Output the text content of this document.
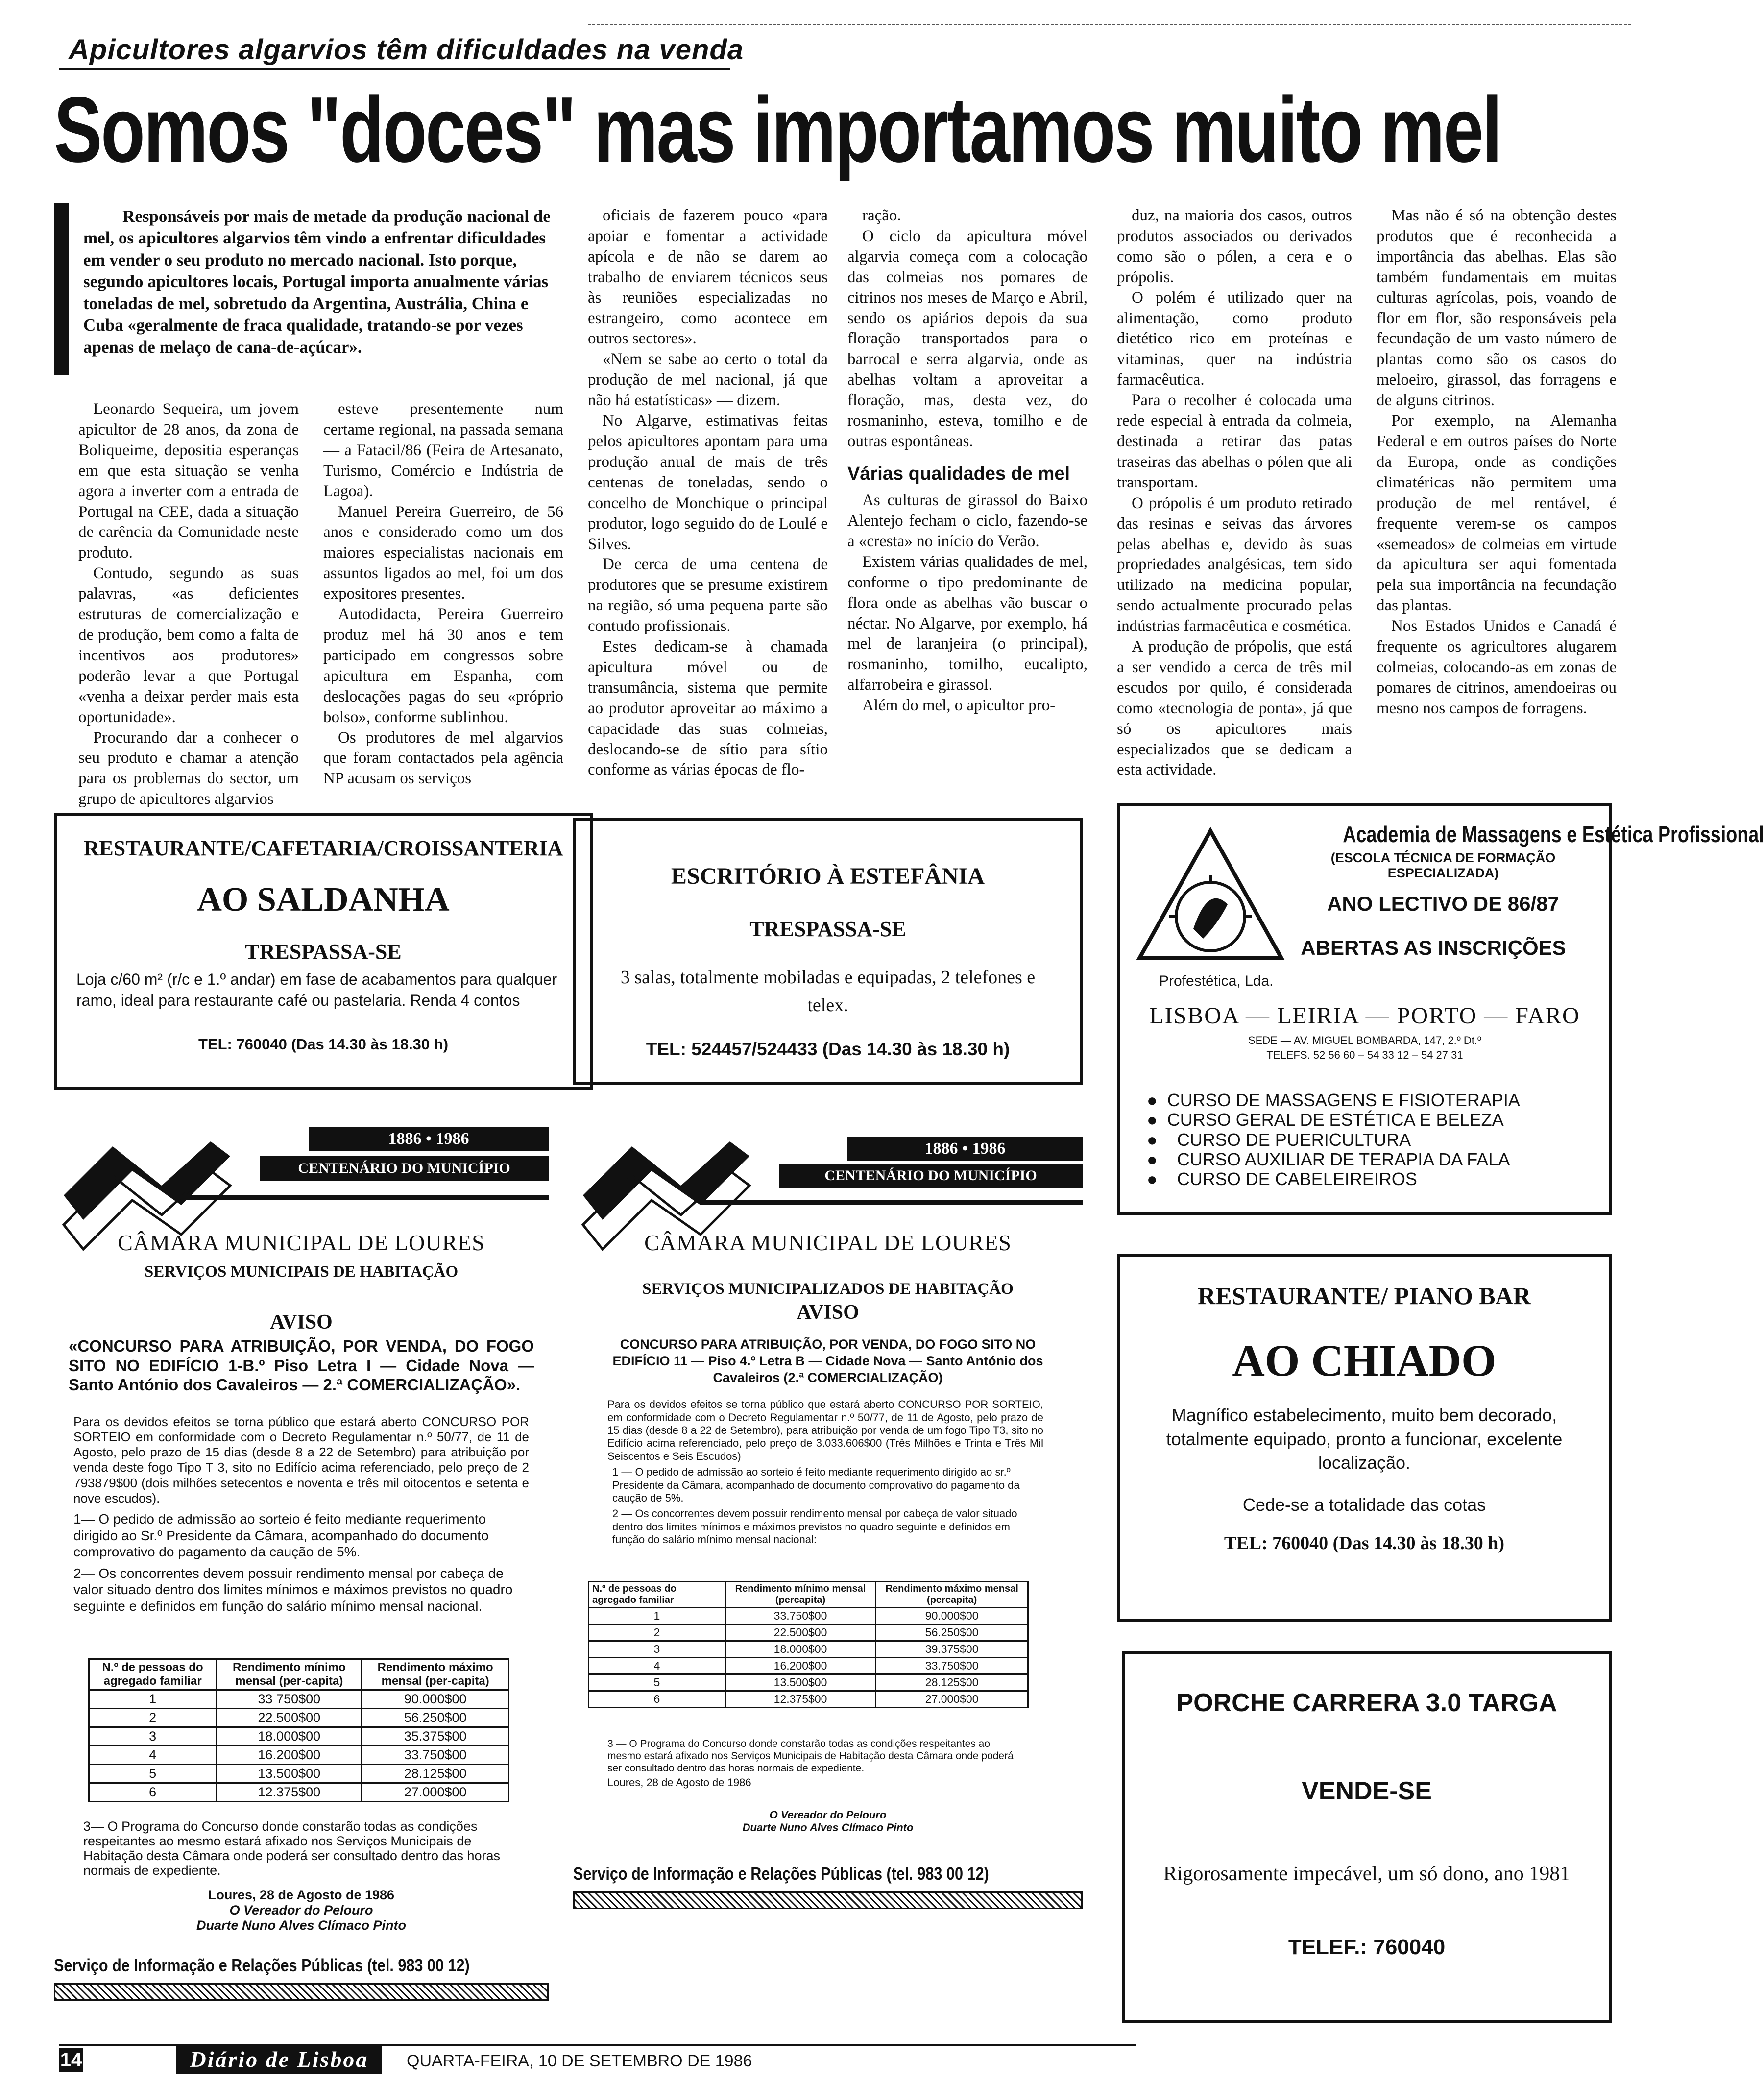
Apicultores algarvios têm dificuldades na venda
Somos "doces" mas importamos muito mel
Responsáveis por mais de metade da produção nacional de mel, os apicultores algarvios têm vindo a enfrentar dificuldades em vender o seu produto no mercado nacional. Isto porque, segundo apicultores locais, Portugal importa anualmente várias toneladas de mel, sobretudo da Argentina, Austrália, China e Cuba «geralmente de fraca qualidade, tratando-se por vezes apenas de melaço de cana-de-açúcar».

Leonardo Sequeira, um jovem apicultor de 28 anos, da zona de Boliqueime, depositia esperanças em que esta situação se venha agora a inverter com a entrada de Portugal na CEE, dada a situação de carência da Comunidade neste produto.

Contudo, segundo as suas palavras, «as deficientes estruturas de comercialização e de produção, bem como a falta de incentivos aos produtores» poderão levar a que Portugal «venha a deixar perder mais esta oportunidade».

Procurando dar a conhecer o seu produto e chamar a atenção para os problemas do sector, um grupo de apicultores algarvios

esteve presentemente num certame regional, na passada semana — a Fatacil/86 (Feira de Artesanato, Turismo, Comércio e Indústria de Lagoa).

Manuel Pereira Guerreiro, de 56 anos e considerado como um dos maiores especialistas nacionais em assuntos ligados ao mel, foi um dos expositores presentes.

Autodidacta, Pereira Guerreiro produz mel há 30 anos e tem participado em congressos sobre apicultura em Espanha, com deslocações pagas do seu «próprio bolso», conforme sublinhou.

Os produtores de mel algarvios que foram contactados pela agência NP acusam os serviços

oficiais de fazerem pouco «para apoiar e fomentar a actividade apícola e de não se darem ao trabalho de enviarem técnicos seus às reuniões especializadas no estrangeiro, como acontece em outros sectores».

«Nem se sabe ao certo o total da produção de mel nacional, já que não há estatísticas» — dizem.

No Algarve, estimativas feitas pelos apicultores apontam para uma produção anual de mais de três centenas de toneladas, sendo o concelho de Monchique o principal produtor, logo seguido do de Loulé e Silves.

De cerca de uma centena de produtores que se presume existirem na região, só uma pequena parte são contudo profissionais.

Estes dedicam-se à chamada apicultura móvel ou de transumância, sistema que permite ao produtor aproveitar ao máximo a capacidade das suas colmeias, deslocando-se de sítio para sítio conforme as várias épocas de flo-

ração.

O ciclo da apicultura móvel algarvia começa com a colocação das colmeias nos pomares de citrinos nos meses de Março e Abril, sendo os apiários depois da sua floração transportados para o barrocal e serra algarvia, onde as abelhas voltam a aproveitar a floração, mas, desta vez, do rosmaninho, esteva, tomilho e de outras espontâneas.

Várias qualidades de mel

As culturas de girassol do Baixo Alentejo fecham o ciclo, fazendo-se a «cresta» no início do Verão.

Existem várias qualidades de mel, conforme o tipo predominante de flora onde as abelhas vão buscar o néctar. No Algarve, por exemplo, há mel de laranjeira (o principal), rosmaninho, tomilho, eucalipto, alfarrobeira e girassol.

Além do mel, o apicultor pro-

duz, na maioria dos casos, outros produtos associados ou derivados como são o pólen, a cera e o própolis.

O polém é utilizado quer na alimentação, como produto dietético rico em proteínas e vitaminas, quer na indústria farmacêutica.

Para o recolher é colocada uma rede especial à entrada da colmeia, destinada a retirar das patas traseiras das abelhas o pólen que ali transportam.

O própolis é um produto retirado das resinas e seivas das árvores pelas abelhas e, devido às suas propriedades analgésicas, tem sido utilizado na medicina popular, sendo actualmente procurado pelas indústrias farmacêutica e cosmética.

A produção de própolis, que está a ser vendido a cerca de três mil escudos por quilo, é considerada como «tecnologia de ponta», já que só os apicultores mais especializados que se dedicam a esta actividade.

Mas não é só na obtenção destes produtos que é reconhecida a importância das abelhas. Elas são também fundamentais em muitas culturas agrícolas, pois, voando de flor em flor, são responsáveis pela fecundação de um vasto número de plantas como são os casos do meloeiro, girassol, das forragens e de alguns citrinos.

Por exemplo, na Alemanha Federal e em outros países do Norte da Europa, onde as condições climatéricas não permitem uma produção de mel rentável, é frequente verem-se os campos «semeados» de colmeias em virtude da apicultura ser aqui fomentada pela sua importância na fecundação das plantas.

Nos Estados Unidos e Canadá é frequente os agricultores alugarem colmeias, colocando-as em zonas de pomares de citrinos, amendoeiras ou mesno nos campos de forragens.

RESTAURANTE/CAFETARIA/CROISSANTERIA
AO SALDANHA
TRESPASSA-SE
Loja c/60 m² (r/c e 1.º andar) em fase de acabamentos para qualquer ramo, ideal para restaurante café ou pastelaria. Renda 4 contos
TEL: 760040 (Das 14.30 às 18.30 h)
ESCRITÓRIO À ESTEFÂNIA
TRESPASSA-SE
3 salas, totalmente mobiladas e equipadas, 2 telefones e telex.
TEL: 524457/524433 (Das 14.30 às 18.30 h)
Academia de Massagens e Estética Profissional
(ESCOLA TÉCNICA DE FORMAÇÃO ESPECIALIZADA)
ANO LECTIVO DE 86/87
ABERTAS AS INSCRIÇÕES
Profestética, Lda.
LISBOA — LEIRIA — PORTO — FARO
SEDE — AV. MIGUEL BOMBARDA, 147, 2.º Dt.º
TELEFS. 52 56 60 – 54 33 12 – 54 27 31
● CURSO DE MASSAGENS E FISIOTERAPIA
● CURSO GERAL DE ESTÉTICA E BELEZA
● CURSO DE PUERICULTURA
● CURSO AUXILIAR DE TERAPIA DA FALA
● CURSO DE CABELEIREIROS
1886 • 1986
CENTENÁRIO DO MUNICÍPIO
CÂMARA MUNICIPAL DE LOURES
SERVIÇOS MUNICIPAIS DE HABITAÇÃO
AVISO
«CONCURSO PARA ATRIBUIÇÃO, POR VENDA, DO FOGO SITO NO EDIFÍCIO 1-B.º Piso Letra I — Cidade Nova — Santo António dos Cavaleiros — 2.ª COMERCIALIZAÇÃO».
Para os devidos efeitos se torna público que estará aberto CONCURSO POR SORTEIO em conformidade com o Decreto Regulamentar n.º 50/77, de 11 de Agosto, pelo prazo de 15 dias (desde 8 a 22 de Setembro) para atribuição por venda deste fogo Tipo T 3, sito no Edifício acima referenciado, pelo preço de 2 793879$00 (dois milhões setecentos e noventa e três mil oitocentos e setenta e nove escudos).
1— O pedido de admissão ao sorteio é feito mediante requerimento dirigido ao Sr.º Presidente da Câmara, acompanhado do documento comprovativo do pagamento da caução de 5%.
2— Os concorrentes devem possuir rendimento mensal por cabeça de valor situado dentro dos limites mínimos e máximos previstos no quadro seguinte e definidos em função do salário mínimo mensal nacional.
N.º de pessoas do agregado familiar	Rendimento mínimo mensal (per-capita)	Rendimento máximo mensal (per-capita)
1	33 750$00	90.000$00
2	22.500$00	56.250$00
3	18.000$00	35.375$00
4	16.200$00	33.750$00
5	13.500$00	28.125$00
6	12.375$00	27.000$00
3— O Programa do Concurso donde constarão todas as condições respeitantes ao mesmo estará afixado nos Serviços Municipais de Habitação desta Câmara onde poderá ser consultado dentro das horas normais de expediente.
Loures, 28 de Agosto de 1986
O Vereador do Pelouro
Duarte Nuno Alves Clímaco Pinto
Serviço de Informação e Relações Públicas (tel. 983 00 12)
1886 • 1986
CENTENÁRIO DO MUNICÍPIO
CÂMARA MUNICIPAL DE LOURES
SERVIÇOS MUNICIPALIZADOS DE HABITAÇÃO
AVISO
CONCURSO PARA ATRIBUIÇÃO, POR VENDA, DO FOGO SITO NO EDIFÍCIO 11 — Piso 4.º Letra B — Cidade Nova — Santo António dos Cavaleiros (2.ª COMERCIALIZAÇÃO)
Para os devidos efeitos se torna público que estará aberto CONCURSO POR SORTEIO, em conformidade com o Decreto Regulamentar n.º 50/77, de 11 de Agosto, pelo prazo de 15 dias (desde 8 a 22 de Setembro), para atribuição por venda de um fogo Tipo T3, sito no Edifício acima referenciado, pelo preço de 3.033.606$00 (Três Milhões e Trinta e Três Mil Seiscentos e Seis Escudos)
1 — O pedido de admissão ao sorteio é feito mediante requerimento dirigido ao sr.º Presidente da Câmara, acompanhado de documento comprovativo do pagamento da caução de 5%.
2 — Os concorrentes devem possuir rendimento mensal por cabeça de valor situado dentro dos limites mínimos e máximos previstos no quadro seguinte e definidos em função do salário mínimo mensal nacional:
N.º de pessoas do agregado familiar	Rendimento mínimo mensal (percapita)	Rendimento máximo mensal (percapita)
1	33.750$00	90.000$00
2	22.500$00	56.250$00
3	18.000$00	39.375$00
4	16.200$00	33.750$00
5	13.500$00	28.125$00
6	12.375$00	27.000$00
3 — O Programa do Concurso donde constarão todas as condições respeitantes ao mesmo estará afixado nos Serviços Municipais de Habitação desta Câmara onde poderá ser consultado dentro das horas normais de expediente.
Loures, 28 de Agosto de 1986
O Vereador do Pelouro
Duarte Nuno Alves Clímaco Pinto
Serviço de Informação e Relações Públicas (tel. 983 00 12)
RESTAURANTE/ PIANO BAR
AO CHIADO
Magnífico estabelecimento, muito bem decorado, totalmente equipado, pronto a funcionar, excelente localização.
Cede-se a totalidade das cotas
TEL: 760040 (Das 14.30 às 18.30 h)
PORCHE CARRERA 3.0 TARGA
VENDE-SE
Rigorosamente impecável, um só dono, ano 1981
TELEF.: 760040
14	Diário de Lisboa	QUARTA-FEIRA, 10 DE SETEMBRO DE 1986
